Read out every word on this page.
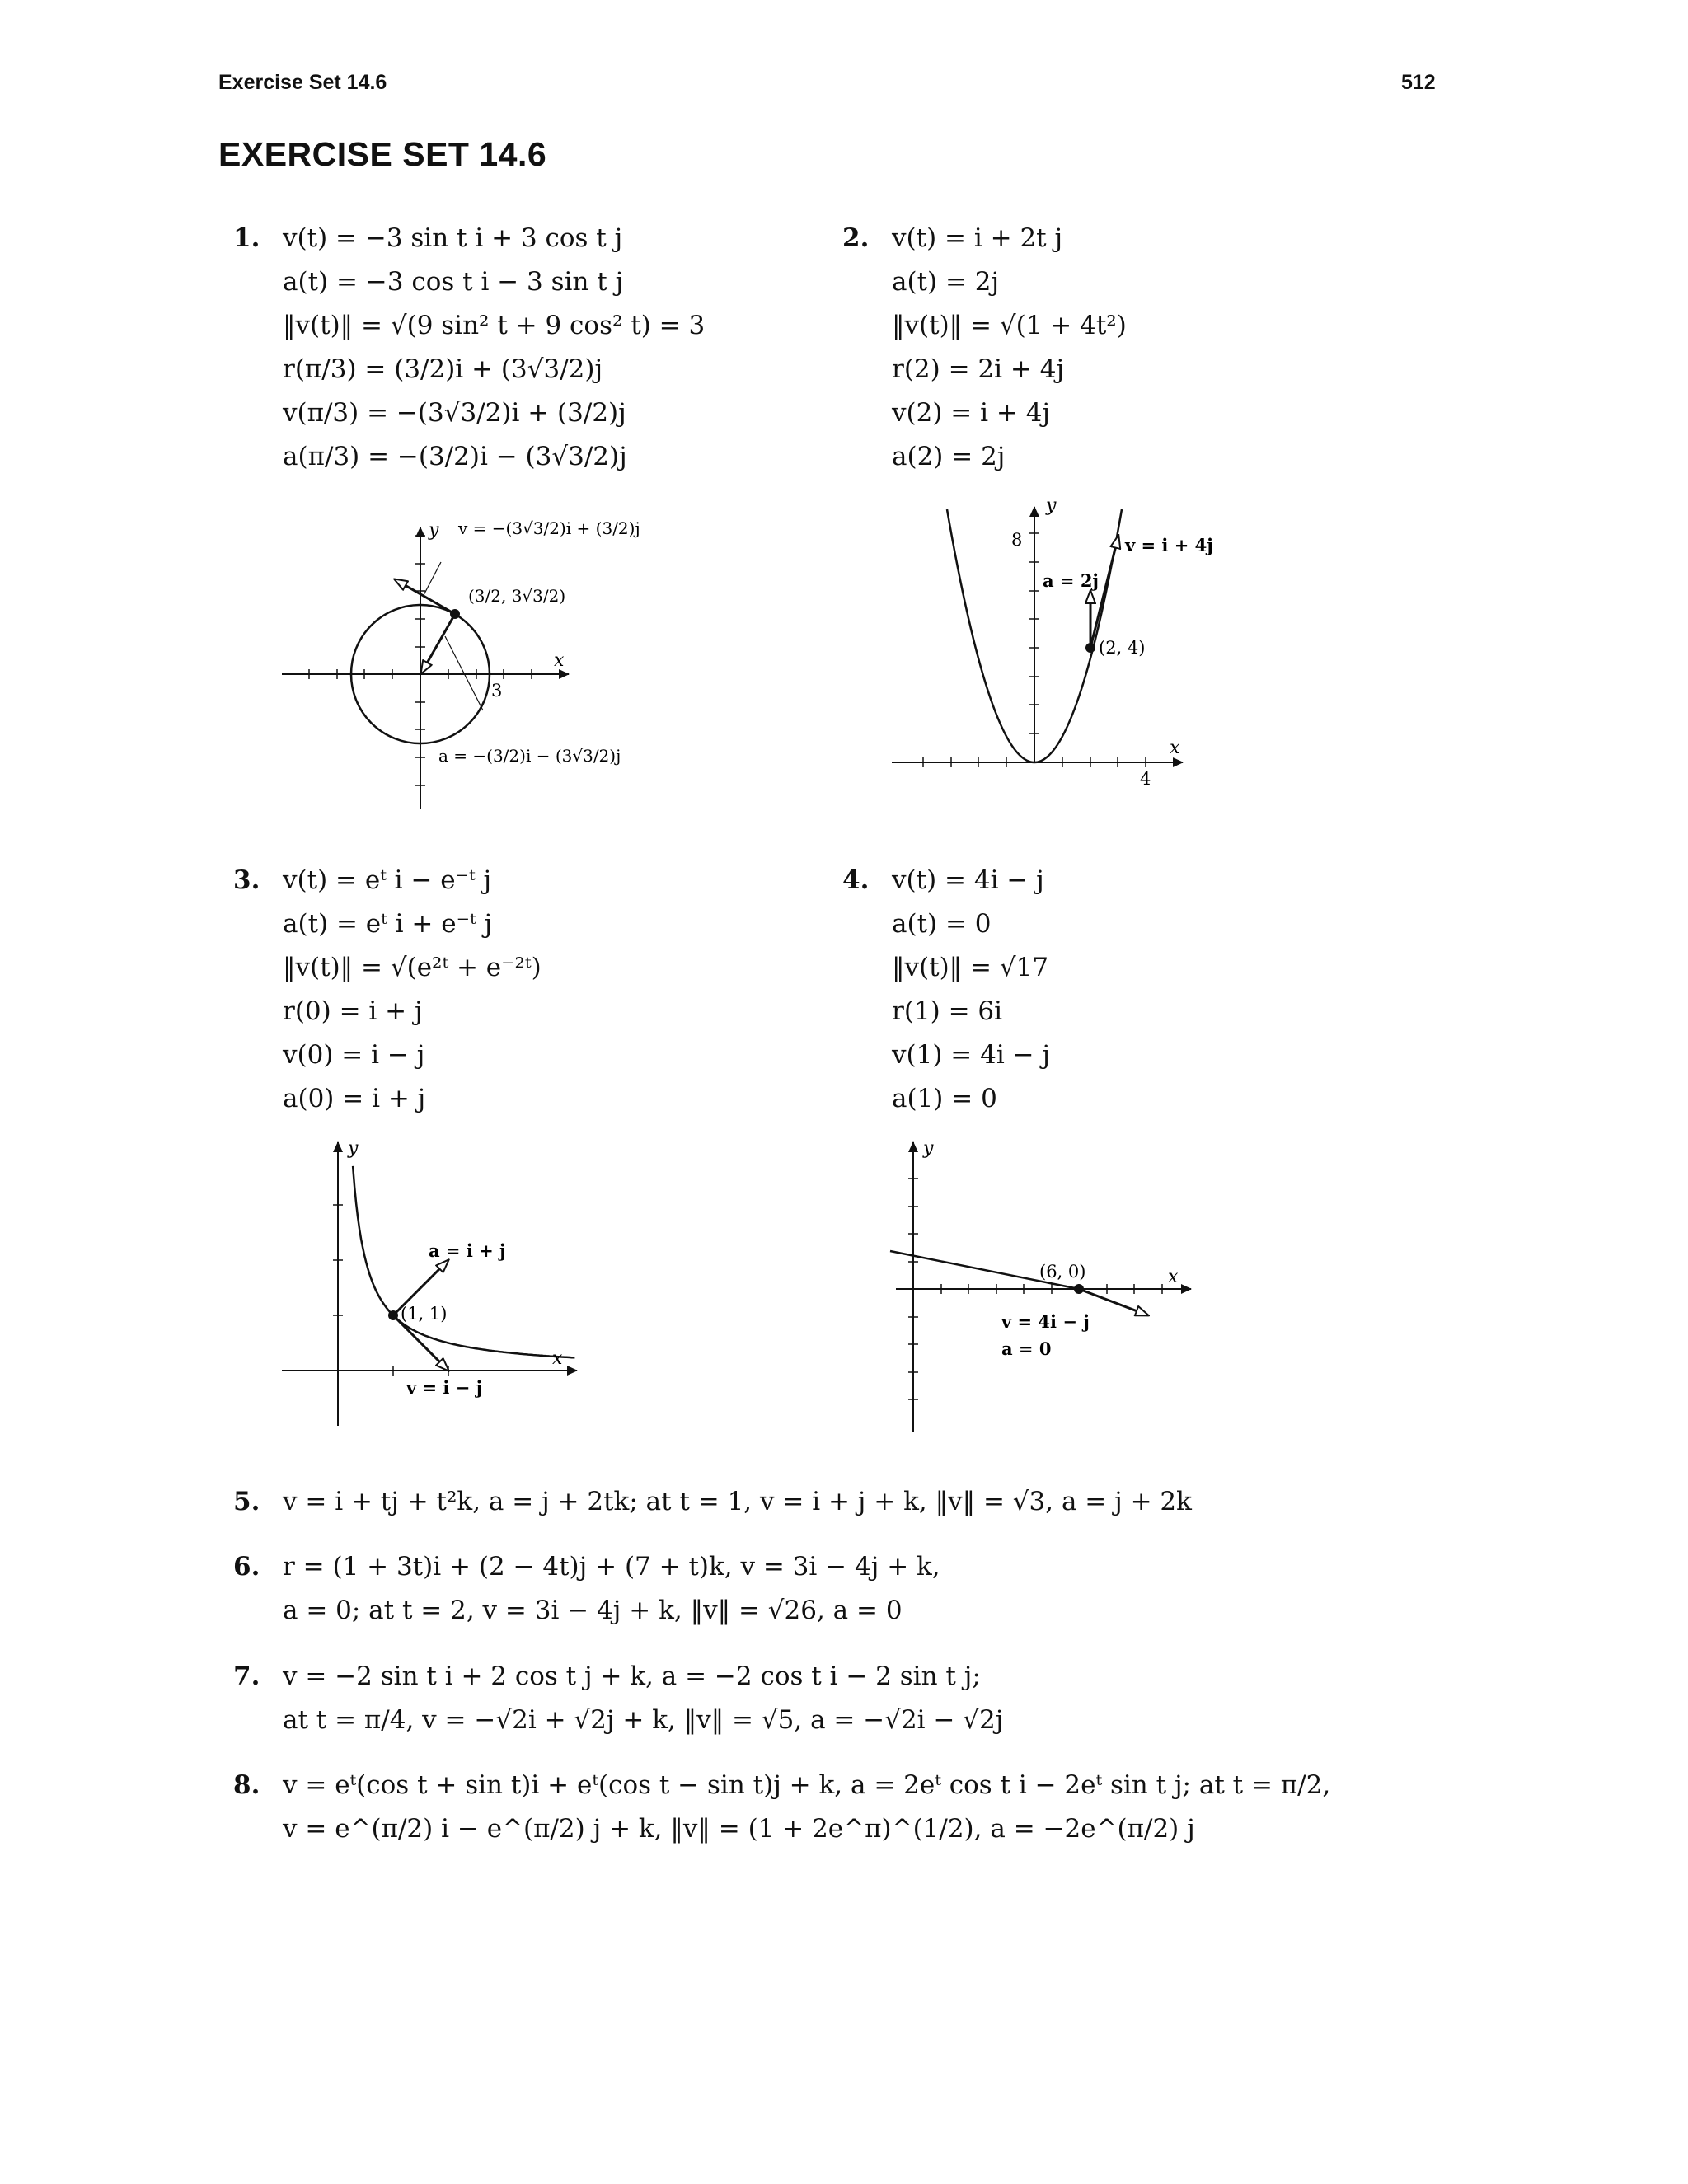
Exercise Set 14.6	512
EXERCISE SET 14.6
1. v(t) = −3 sin t i + 3 cos t j
a(t) = −3 cos t i − 3 sin t j
‖v(t)‖ = √(9 sin² t + 9 cos² t) = 3
r(π/3) = (3/2)i + (3√3/2)j
v(π/3) = −(3√3/2)i + (3/2)j
a(π/3) = −(3/2)i − (3√3/2)j
2. v(t) = i + 2t j
a(t) = 2j
‖v(t)‖ = √(1 + 4t²)
r(2) = 2i + 4j
v(2) = i + 4j
a(2) = 2j
y
x
3
v = −(3√3/2)i + (3/2)j
(3/2, 3√3/2)
a = −(3/2)i − (3√3/2)j
y
x
8
4
(2, 4)
v = i + 4j
a = 2j
3. v(t) = eᵗ i − e⁻ᵗ j
a(t) = eᵗ i + e⁻ᵗ j
‖v(t)‖ = √(e²ᵗ + e⁻²ᵗ)
r(0) = i + j
v(0) = i − j
a(0) = i + j
4. v(t) = 4i − j
a(t) = 0
‖v(t)‖ = √17
r(1) = 6i
v(1) = 4i − j
a(1) = 0
y
x
(1, 1)
a = i + j
v = i − j
y
x
(6, 0)
v = 4i − j
a = 0
5. v = i + tj + t²k, a = j + 2tk; at t = 1, v = i + j + k, ‖v‖ = √3, a = j + 2k
6. r = (1 + 3t)i + (2 − 4t)j + (7 + t)k, v = 3i − 4j + k,
a = 0; at t = 2, v = 3i − 4j + k, ‖v‖ = √26, a = 0
7. v = −2 sin t i + 2 cos t j + k, a = −2 cos t i − 2 sin t j;
at t = π/4, v = −√2i + √2j + k, ‖v‖ = √5, a = −√2i − √2j
8. v = eᵗ(cos t + sin t)i + eᵗ(cos t − sin t)j + k, a = 2eᵗ cos t i − 2eᵗ sin t j; at t = π/2,
v = e^(π/2) i − e^(π/2) j + k, ‖v‖ = (1 + 2e^π)^(1/2), a = −2e^(π/2) j
